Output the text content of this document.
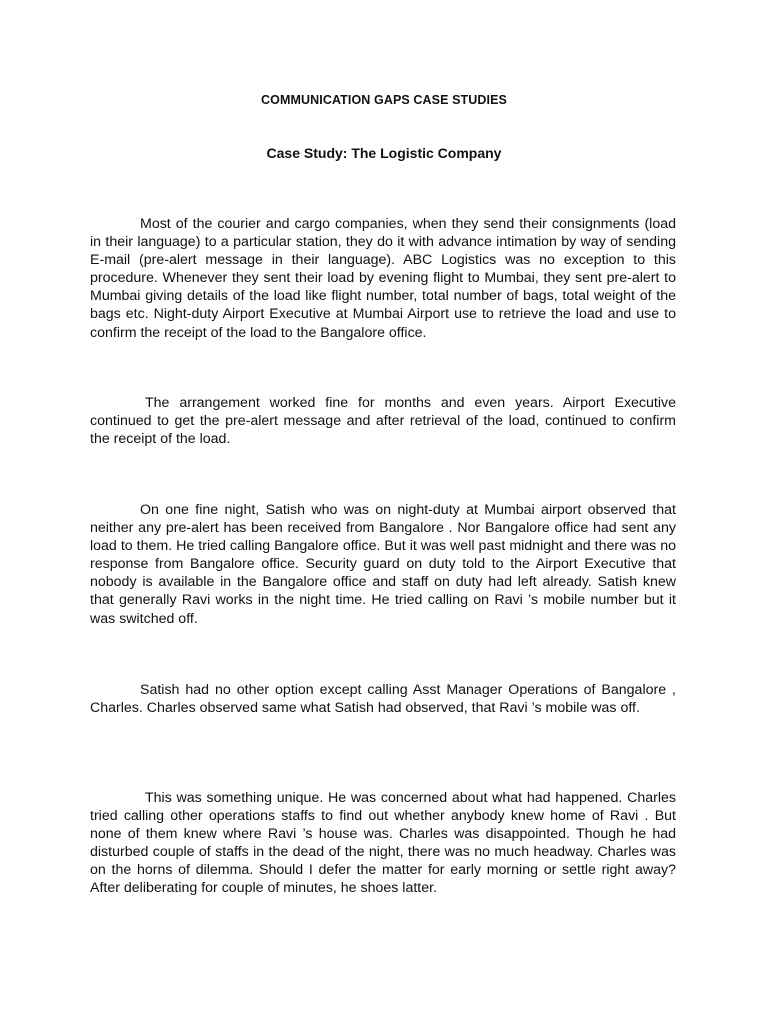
COMMUNICATION GAPS CASE STUDIES
Case Study: The Logistic Company

Most of the courier and cargo companies, when they send their consignments (load in their language) to a particular station, they do it with advance intimation by way of sending E-mail (pre-alert message in their language). ABC Logistics was no exception to this procedure. Whenever they sent their load by evening flight to Mumbai, they sent pre-alert to Mumbai giving details of the load like flight number, total number of bags, total weight of the bags etc. Night-duty Airport Executive at Mumbai Airport use to retrieve the load and use to confirm the receipt of the load to the Bangalore office.

The arrangement worked fine for months and even years. Airport Executive continued to get the pre-alert message and after retrieval of the load, continued to confirm the receipt of the load.

On one fine night, Satish who was on night-duty at Mumbai airport observed that neither any pre-alert has been received from Bangalore . Nor Bangalore office had sent any load to them. He tried calling Bangalore office. But it was well past midnight and there was no response from Bangalore office. Security guard on duty told to the Airport Executive that nobody is available in the Bangalore office and staff on duty had left already. Satish knew that generally Ravi works in the night time. He tried calling on Ravi ’s mobile number but it was switched off.

Satish had no other option except calling Asst Manager Operations of Bangalore , Charles. Charles observed same what Satish had observed, that Ravi ’s mobile was off.

This was something unique. He was concerned about what had happened. Charles tried calling other operations staffs to find out whether anybody knew home of Ravi . But none of them knew where Ravi ’s house was. Charles was disappointed. Though he had disturbed couple of staffs in the dead of the night, there was no much headway. Charles was on the horns of dilemma. Should I defer the matter for early morning or settle right away? After deliberating for couple of minutes, he shoes latter.
